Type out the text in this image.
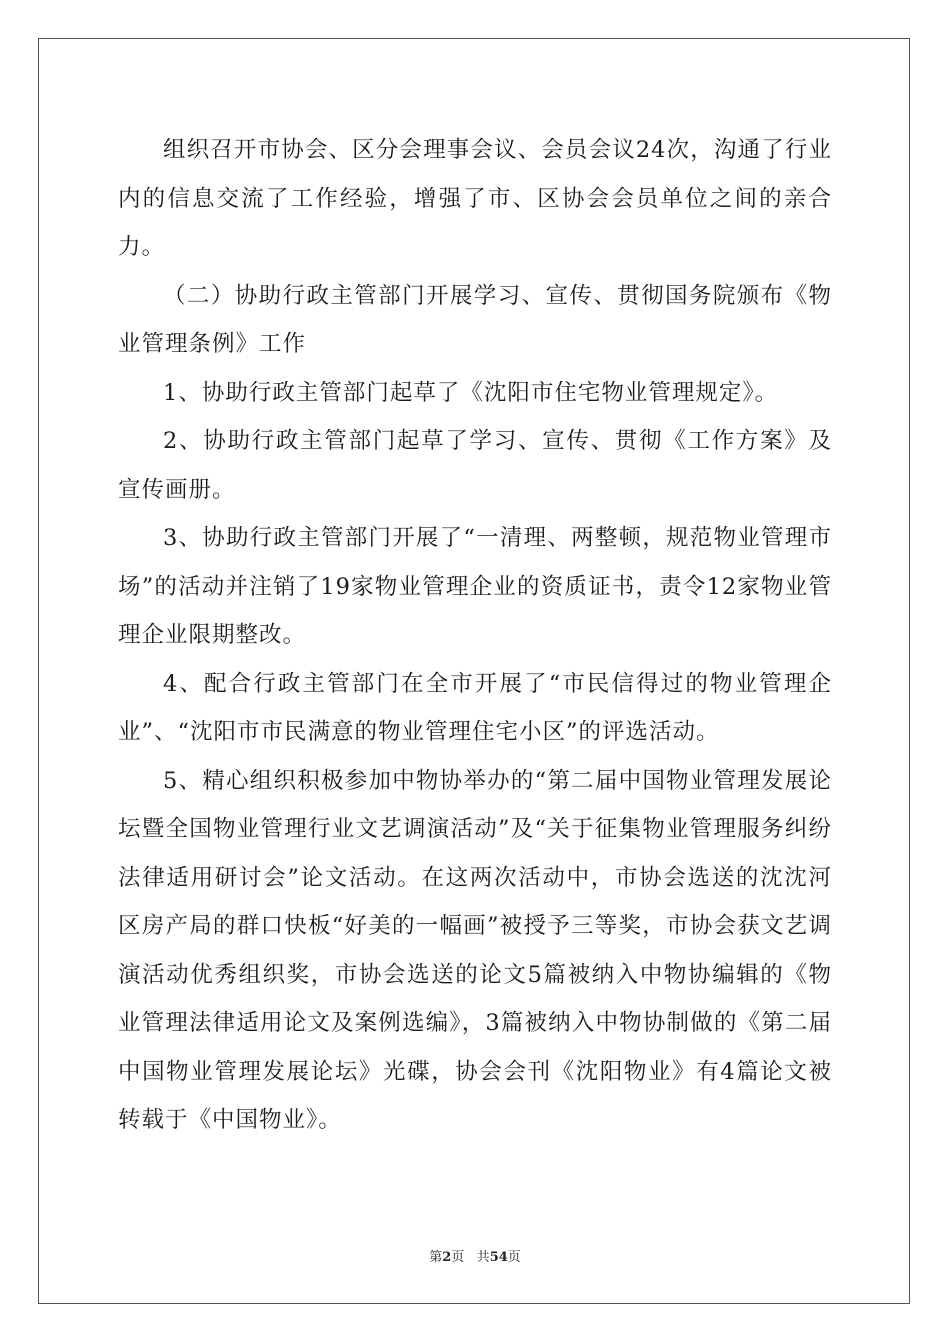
组织召开市协会、区分会理事会议、会员会议24次，沟通了行业内的信息交流了工作经验，增强了市、区协会会员单位之间的亲合力。

（二）协助行政主管部门开展学习、宣传、贯彻国务院颁布《物业管理条例》工作

1、协助行政主管部门起草了《沈阳市住宅物业管理规定》。

2、协助行政主管部门起草了学习、宣传、贯彻《工作方案》及宣传画册。

3、协助行政主管部门开展了“一清理、两整顿，规范物业管理市场”的活动并注销了19家物业管理企业的资质证书，责令12家物业管理企业限期整改。

4、配合行政主管部门在全市开展了“市民信得过的物业管理企业”、“沈阳市市民满意的物业管理住宅小区”的评选活动。

5、精心组织积极参加中物协举办的“第二届中国物业管理发展论坛暨全国物业管理行业文艺调演活动”及“关于征集物业管理服务纠纷法律适用研讨会”论文活动。在这两次活动中，市协会选送的沈沈河区房产局的群口快板“好美的一幅画”被授予三等奖，市协会获文艺调演活动优秀组织奖，市协会选送的论文5篇被纳入中物协编辑的《物业管理法律适用论文及案例选编》，3篇被纳入中物协制做的《第二届中国物业管理发展论坛》光碟，协会会刊《沈阳物业》有4篇论文被转载于《中国物业》。

第2页 共54页
